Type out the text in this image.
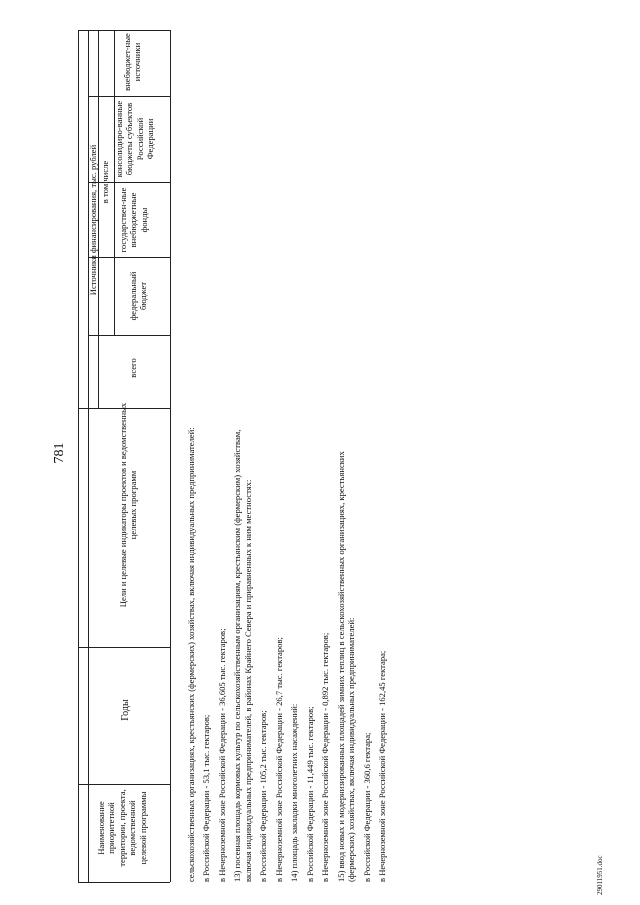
781
29011951.doc
Наименование приоритетной территории, проекта, ведомственной целевой программы
Годы
Цели и целевые индикаторы проектов и ведомственных целевых программ
Источники финансирования, тыс. рублей
всего
в том числе
федеральный бюджет
государствен-ные внебюджетные фонды
консолидиро-ванные бюджеты субъектов Российской Федерации
внебюджет-ные источники

сельскохозяйственных организациях, крестьянских (фермерских) хозяйствах, включая индивидуальных предпринимателей: в Российской Федерации - 53,1 тыс. гектаров; в Нечерноземной зоне Российской Федерации - 36,605 тыс. гектаров; 13) посевная площадь кормовых культур по сельскохозяйственным организациям, крестьянским (фермерским) хозяйствам, включая индивидуальных предпринимателей, в районах Крайнего Севера и приравненных к ним местностях: в Российской Федерации - 105,2 тыс. гектаров; в Нечерноземной зоне Российской Федерации - 26,7 тыс. гектаров; 14) площадь закладки многолетних насаждений: в Российской Федерации - 11,449 тыс. гектаров; в Нечерноземной зоне Российской Федерации - 0,892 тыс. гектаров; 15) ввод новых и модернизированных площадей зимних теплиц в сельскохозяйственных организациях, крестьянских (фермерских) хозяйствах, включая индивидуальных предпринимателей: в Российской Федерации - 360,6 гектара; в Нечерноземной зоне Российской Федерации - 162,45 гектара;
